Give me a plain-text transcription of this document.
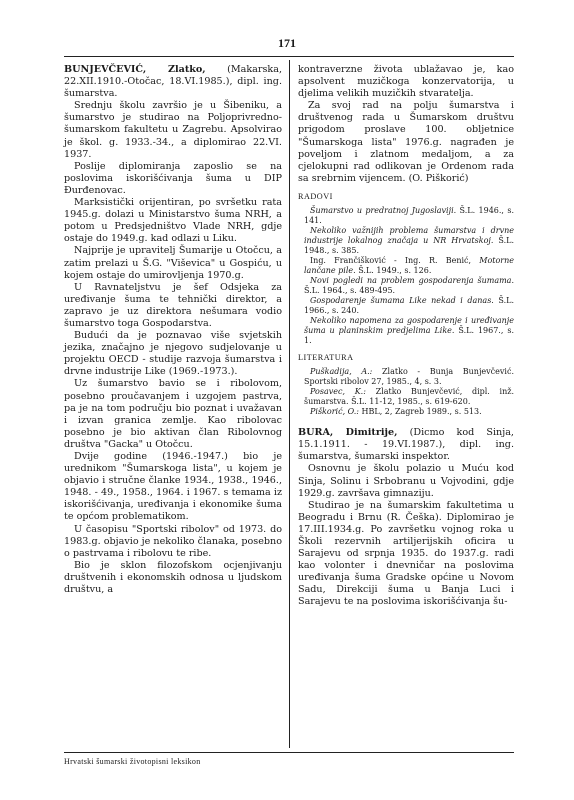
171

BUNJEVČEVIĆ, Zlatko, (Makarska, 22.XII.1910.-Otočac, 18.VI.1985.), dipl. ing. šumarstva.

Srednju školu završio je u Šibeniku, a šumarstvo je studirao na Poljoprivredno-šumarskom fakultetu u Zagrebu. Apsolvirao je škol. g. 1933.-34., a diplomirao 22.VI. 1937.

Poslije diplomiranja zaposlio se na poslovima iskorišćivanja šuma u DIP Đurđenovac.

Marksistički orijentiran, po svršetku rata 1945.g. dolazi u Ministarstvo šuma NRH, a potom u Predsjedništvo Vlade NRH, gdje ostaje do 1949.g. kad odlazi u Liku.

Najprije je upravitelj Šumarije u Otočcu, a zatim prelazi u Š.G. "Viševica" u Gospiću, u kojem ostaje do umirovljenja 1970.g.

U Ravnateljstvu je šef Odsjeka za uređivanje šuma te tehnički direktor, a zapravo je uz direktora nešumara vodio šumarstvo toga Gospodarstva.

Budući da je poznavao više svjetskih jezika, značajno je njegovo sudjelovanje u projektu OECD - studije razvoja šumarstva i drvne industrije Like (1969.-1973.).

Uz šumarstvo bavio se i ribolovom, posebno proučavanjem i uzgojem pastrva, pa je na tom području bio poznat i uvažavan i izvan granica zemlje. Kao ribolovac posebno je bio aktivan član Ribolovnog društva "Gacka" u Otočcu.

Dvije godine (1946.-1947.) bio je urednikom "Šumarskoga lista", u kojem je objavio i stručne članke 1934., 1938., 1946., 1948. - 49., 1958., 1964. i 1967. s temama iz iskorišćivanja, uređivanja i ekonomike šuma te općom problematikom.

U časopisu "Sportski ribolov" od 1973. do 1983.g. objavio je nekoliko članaka, posebno o pastrvama i ribolovu te ribe.

Bio je sklon filozofskom ocjenjivanju društvenih i ekonomskih odnosa u ljudskom društvu, a

kontraverzne života ublažavao je, kao apsolvent muzičkoga konzervatorija, u djelima velikih muzičkih stvaratelja.

Za svoj rad na polju šumarstva i društvenog rada u Šumarskom društvu prigodom proslave 100. obljetnice "Šumarskoga lista" 1976.g. nagrađen je poveljom i zlatnom medaljom, a za cjelokupni rad odlikovan je Ordenom rada sa srebrnim vijencem. (O. Piškorić)

RADOVI

Šumarstvo u predratnoj Jugoslaviji. Š.L. 1946., s. 141.

Nekoliko važnijih problema šumarstva i drvne industrije lokalnog značaja u NR Hrvatskoj. Š.L. 1948., s. 385.

Ing. Frančišković - Ing. R. Benić, Motorne lančane pile. Š.L. 1949., s. 126.

Novi pogledi na problem gospodarenja šumama. Š.L. 1964., s. 489-495.

Gospodarenje šumama Like nekad i danas. Š.L. 1966., s. 240.

Nekoliko napomena za gospodarenje i uređivanje šuma u planinskim predjelima Like. Š.L. 1967., s. 1.

LITERATURA

Puškadija, A.: Zlatko - Bunja Bunjevčević. Sportski ribolov 27, 1985., 4, s. 3.

Posavec, K.: Zlatko Bunjevčević, dipl. inž. šumarstva. Š.L. 11-12, 1985., s. 619-620.

Piškorić, O.: HBL, 2, Zagreb 1989., s. 513.

BURA, Dimitrije, (Dicmo kod Sinja, 15.1.1911. - 19.VI.1987.), dipl. ing. šumarstva, šumarski inspektor.

Osnovnu je školu polazio u Muću kod Sinja, Solinu i Srbobranu u Vojvodini, gdje 1929.g. završava gimnaziju.

Studirao je na šumarskim fakultetima u Beogradu i Brnu (R. Češka). Diplomirao je 17.III.1934.g. Po završetku vojnog roka u Školi rezervnih artiljerijskih oficira u Sarajevu od srpnja 1935. do 1937.g. radi kao volonter i dnevničar na poslovima uređivanja šuma Gradske općine u Novom Sadu, Direkciji šuma u Banja Luci i Sarajevu te na poslovima iskorišćivanja šu-

Hrvatski šumarski životopisni leksikon
